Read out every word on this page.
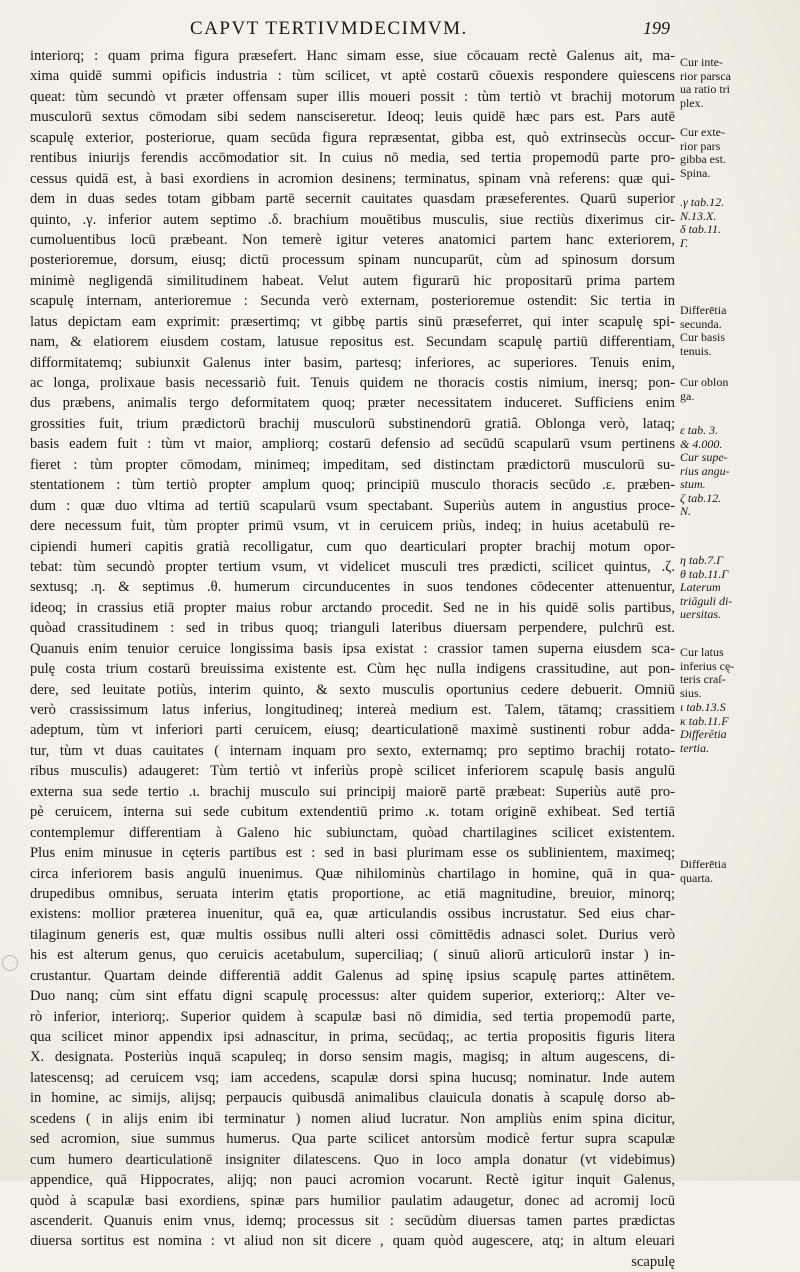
CAPVT TERTIVMDECIMVM.	199
interiorq; : quam prima figura præsefert. Hanc simam esse, siue cōcauam rectè Galenus ait, ma-
xima quidē summi opificis industria : tùm scilicet, vt aptè costarū cōuexis respondere quiescens
queat: tùm secundò vt præter offensam super illis moueri possit : tùm tertiò vt brachij motorum
musculorū sextus cōmodam sibi sedem nansciseretur. Ideoq; leuis quidē hæc pars est. Pars autē
scapulę exterior, posteriorue, quam secūda figura repræsentat, gibba est, quò extrinsecùs occur-
rentibus iniurijs ferendis accōmodatior sit. In cuius nō media, sed tertia propemodū parte pro-
cessus quidā est, à basi exordiens in acromion desinens; terminatus, spinam vnà referens: quæ qui-
dem in duas sedes totam gibbam partē secernit cauitates quasdam præseferentes. Quarū superior
quinto, .γ. inferior autem septimo .δ. brachium mouētibus musculis, siue rectiùs dixerimus cir-
cumoluentibus locū præbeant. Non temerè igitur veteres anatomici partem hanc exteriorem,
posterioremue, dorsum, eiusq; dictū processum spinam nuncuparūt, cùm ad spinosum dorsum
minimè negligendā similitudinem habeat. Velut autem figurarū hic propositarū prima partem
scapulę internam, anterioremue : Secunda verò externam, posterioremue ostendit: Sic tertia in
latus depictam eam exprimit: præsertimq; vt gibbę partis sinū præseferret, qui inter scapulę spi-
nam, & elatiorem eiusdem costam, latusue repositus est. Secundam scapulę partiū differentiam,
difformitatemq; subiunxit Galenus inter basim, partesq; inferiores, ac superiores. Tenuis enim,
ac longa, prolixaue basis necessariò fuit. Tenuis quidem ne thoracis costis nimium, inersq; pon-
dus præbens, animalis tergo deformitatem quoq; præter necessitatem induceret. Sufficiens enim
grossities fuit, trium prædictorū brachij musculorū substinendorū gratiâ. Oblonga verò, lataq;
basis eadem fuit : tùm vt maior, ampliorq; costarū defensio ad secūdū scapularū vsum pertinens
fieret : tùm propter cōmodam, minimeq; impeditam, sed distinctam prædictorū musculorū su-
stentationem : tùm tertiò propter amplum quoq; principiū musculo thoracis secūdo .ε. præben-
dum : quæ duo vltima ad tertiū scapularū vsum spectabant. Superiùs autem in angustius proce-
dere necessum fuit, tùm propter primū vsum, vt in ceruicem priùs, indeq; in huius acetabulū re-
cipiendi humeri capitis gratià recolligatur, cum quo dearticulari propter brachij motum opor-
tebat: tùm secundò propter tertium vsum, vt videlicet musculi tres prædicti, scilicet quintus, .ζ.
sextusq; .η. & septimus .θ. humerum circunducentes in suos tendones cōdecenter attenuentur,
ideoq; in crassius etiā propter maius robur arctando procedit. Sed ne in his quidē solis partibus,
quòad crassitudinem : sed in tribus quoq; trianguli lateribus diuersam perpendere, pulchrū est.
Quanuis enim tenuior ceruice longissima basis ipsa existat : crassior tamen superna eiusdem sca-
pulę costa trium costarū breuissima existente est. Cùm hęc nulla indigens crassitudine, aut pon-
dere, sed leuitate potiùs, interim quinto, & sexto musculis oportunius cedere debuerit. Omniū
verò crassissimum latus inferius, longitudineq; intereà medium est. Talem, tātamq; crassitiem
adeptum, tùm vt inferiori parti ceruicem, eiusq; dearticulationē maximè sustinenti robur adda-
tur, tùm vt duas cauitates ( internam inquam pro sexto, externamq; pro septimo brachij rotato-
ribus musculis) adaugeret: Tùm tertiò vt inferiùs propè scilicet inferiorem scapulę basis angulū
externa sua sede tertio .ι. brachij musculo sui principij maiorē partē præbeat: Superiùs autē pro-
pè ceruicem, interna sui sede cubitum extendentiū primo .κ. totam originē exhibeat. Sed tertiā
contemplemur differentiam à Galeno hic subiunctam, quòad chartilagines scilicet existentem.
Plus enim minusue in cęteris partibus est : sed in basi plurimam esse os sublinientem, maximeq;
circa inferiorem basis angulū inuenimus. Quæ nihilominùs chartilago in homine, quā in qua-
drupedibus omnibus, seruata interim ętatis proportione, ac etiā magnitudine, breuior, minorq;
existens: mollior præterea inuenitur, quā ea, quæ articulandis ossibus incrustatur. Sed eius char-
tilaginum generis est, quæ multis ossibus nulli alteri ossi cōmittēdis adnasci solet. Durius verò
his est alterum genus, quo ceruicis acetabulum, superciliaq; ( sinuū aliorū articulorū instar ) in-
crustantur. Quartam deinde differentiā addit Galenus ad spinę ipsius scapulę partes attinētem.
Duo nanq; cùm sint effatu digni scapulę processus: alter quidem superior, exteriorq;: Alter ve-
rò inferior, interiorq;. Superior quidem à scapulæ basi nō dimidia, sed tertia propemodū parte,
qua scilicet minor appendix ipsi adnascitur, in prima, secūdaq;, ac tertia propositis figuris litera
X. designata. Posteriùs inquā scapuleq; in dorso sensim magis, magisq; in altum augescens, di-
latescensq; ad ceruicem vsq; iam accedens, scapulæ dorsi spina hucusq; nominatur. Inde autem
in homine, ac simijs, alijsq; perpaucis quibusdā animalibus clauicula donatis à scapulę dorso ab-
scedens ( in alijs enim ibi terminatur ) nomen aliud lucratur. Non ampliùs enim spina dicitur,
sed acromion, siue summus humerus. Qua parte scilicet antorsùm modicè fertur supra scapulæ
cum humero dearticulationē insigniter dilatescens. Quo in loco ampla donatur (vt videbimus)
appendice, quā Hippocrates, alijq; non pauci acromion vocarunt. Rectè igitur inquit Galenus,
quòd à scapulæ basi exordiens, spinæ pars humilior paulatim adaugetur, donec ad acromij locū
ascenderit. Quanuis enim vnus, idemq; processus sit : secūdùm diuersas tamen partes prædictas
diuersa sortitus est nomina : vt aliud non sit dicere , quam quòd augescere, atq; in altum eleuari
scapulę
Cur inte-
rior parsca
ua ratio tri
plex.
Cur exte-
rior pars
gibba est.
Spina.
.γ tab.12.
Ν.13.X.
δ tab.11.
Γ.
Differētia
secunda.
Cur basis
tenuis.
Cur oblon
ga.
ε tab. 3.
& 4.000.
Cur supe-
rius angu-
stum.
ζ tab.12.
Ν.
η tab.7.Γ
θ tab.11.Γ
Laterum
triāguli di-
uersitas.
Cur latus
inferius cę-
teris craſ-
sius.
ι tab.13.S
κ tab.11.F
Differētia
tertia.
Differētia
quarta.
